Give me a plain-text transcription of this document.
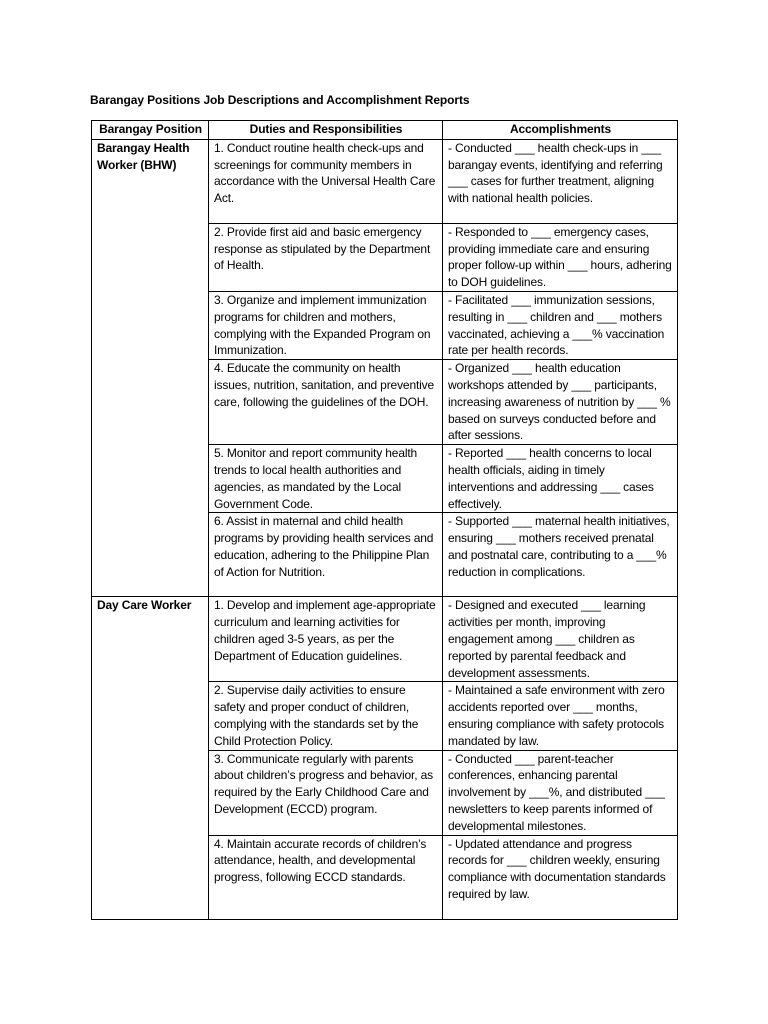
Barangay Positions Job Descriptions and Accomplishment Reports
Barangay Position	Duties and Responsibilities	Accomplishments

Barangay Health Worker (BHW)	1. Conduct routine health check-ups and screenings for community members in accordance with the Universal Health Care Act.	- Conducted ___ health check-ups in ___ barangay events, identifying and referring ___ cases for further treatment, aligning with national health policies.
	2. Provide first aid and basic emergency response as stipulated by the Department of Health.	- Responded to ___ emergency cases, providing immediate care and ensuring proper follow-up within ___ hours, adhering to DOH guidelines.
	3. Organize and implement immunization programs for children and mothers, complying with the Expanded Program on Immunization.	- Facilitated ___ immunization sessions, resulting in ___ children and ___ mothers vaccinated, achieving a ___% vaccination rate per health records.
	4. Educate the community on health issues, nutrition, sanitation, and preventive care, following the guidelines of the DOH.	- Organized ___ health education workshops attended by ___ participants, increasing awareness of nutrition by ___ % based on surveys conducted before and after sessions.
	5. Monitor and report community health trends to local health authorities and agencies, as mandated by the Local Government Code.	- Reported ___ health concerns to local health officials, aiding in timely interventions and addressing ___ cases effectively.
	6. Assist in maternal and child health programs by providing health services and education, adhering to the Philippine Plan of Action for Nutrition.	- Supported ___ maternal health initiatives, ensuring ___ mothers received prenatal and postnatal care, contributing to a ___% reduction in complications.

Day Care Worker	1. Develop and implement age-appropriate curriculum and learning activities for children aged 3-5 years, as per the Department of Education guidelines.	- Designed and executed ___ learning activities per month, improving engagement among ___ children as reported by parental feedback and development assessments.
	2. Supervise daily activities to ensure safety and proper conduct of children, complying with the standards set by the Child Protection Policy.	- Maintained a safe environment with zero accidents reported over ___ months, ensuring compliance with safety protocols mandated by law.
	3. Communicate regularly with parents about children’s progress and behavior, as required by the Early Childhood Care and Development (ECCD) program.	- Conducted ___ parent-teacher conferences, enhancing parental involvement by ___%, and distributed ___ newsletters to keep parents informed of developmental milestones.
	4. Maintain accurate records of children’s attendance, health, and developmental progress, following ECCD standards.	- Updated attendance and progress records for ___ children weekly, ensuring compliance with documentation standards required by law.
